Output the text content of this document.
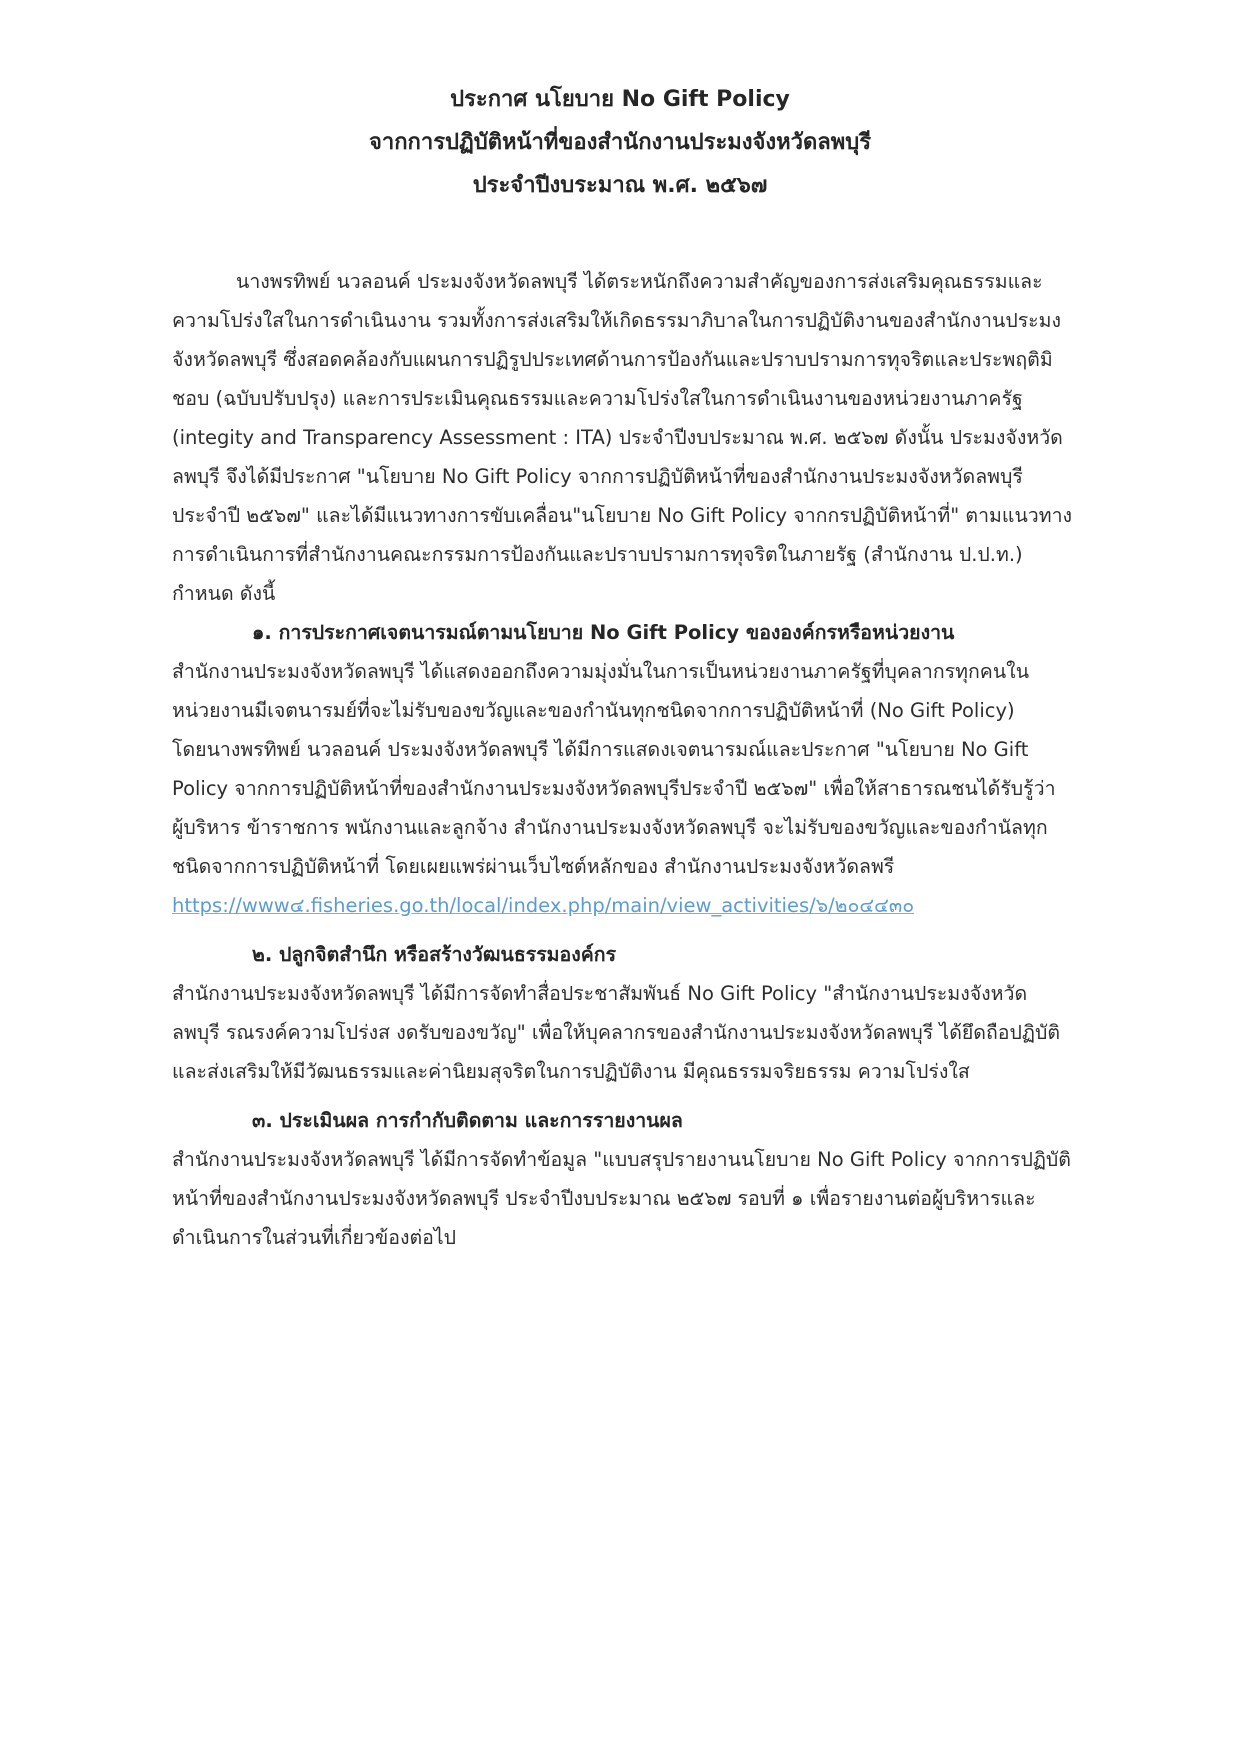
ประกาศ นโยบาย No Gift Policy
จากการปฏิบัติหน้าที่ของสำนักงานประมงจังหวัดลพบุรี
ประจำปีงบระมาณ พ.ศ. ๒๕๖๗
นางพรทิพย์ นวลอนค์ ประมงจังหวัดลพบุรี ได้ตระหนักถึงความสำคัญของการส่งเสริมคุณธรรมและ
ความโปร่งใสในการดำเนินงาน รวมทั้งการส่งเสริมให้เกิดธรรมาภิบาลในการปฏิบัติงานของสำนักงานประมง
จังหวัดลพบุรี ซึ่งสอดคล้องกับแผนการปฏิรูปประเทศด้านการป้องกันและปราบปรามการทุจริตและประพฤติมิ
ชอบ (ฉบับปรับปรุง) และการประเมินคุณธรรมและความโปร่งใสในการดำเนินงานของหน่วยงานภาครัฐ
(integity and Transparency Assessment : ITA) ประจำปีงบประมาณ พ.ศ. ๒๕๖๗ ดังนั้น ประมงจังหวัด
ลพบุรี จึงได้มีประกาศ "นโยบาย No Gift Policy จากการปฏิบัติหน้าที่ของสำนักงานประมงจังหวัดลพบุรี
ประจำปี ๒๕๖๗" และได้มีแนวทางการขับเคลื่อน"นโยบาย No Gift Policy จากกรปฏิบัติหน้าที่" ตามแนวทาง
การดำเนินการที่สำนักงานคณะกรรมการป้องกันและปราบปรามการทุจริตในภายรัฐ (สำนักงาน ป.ป.ท.)
กำหนด ดังนี้
๑. การประกาศเจตนารมณ์ตามนโยบาย No Gift Policy ขององค์กรหรือหน่วยงาน
สำนักงานประมงจังหวัดลพบุรี ได้แสดงออกถึงความมุ่งมั่นในการเป็นหน่วยงานภาครัฐที่บุคลากรทุกคนใน
หน่วยงานมีเจตนารมย์ที่จะไม่รับของขวัญและของกำนันทุกชนิดจากการปฏิบัติหน้าที่ (No Gift Policy)
โดยนางพรทิพย์ นวลอนค์ ประมงจังหวัดลพบุรี ได้มีการแสดงเจตนารมณ์และประกาศ "นโยบาย No Gift
Policy จากการปฏิบัติหน้าที่ของสำนักงานประมงจังหวัดลพบุรีประจำปี ๒๕๖๗" เพื่อให้สาธารณชนได้รับรู้ว่า
ผู้บริหาร ข้าราชการ พนักงานและลูกจ้าง สำนักงานประมงจังหวัดลพบุรี จะไม่รับของขวัญและของกำนัลทุก
ชนิดจากการปฏิบัติหน้าที่ โดยเผยแพร่ผ่านเว็บไซต์หลักของ สำนักงานประมงจังหวัดลพรี
https://www๔.fisheries.go.th/local/index.php/main/view_activities/๖/๒๐๔๔๓๐
๒. ปลูกจิตสำนึก หรือสร้างวัฒนธรรมองค์กร
สำนักงานประมงจังหวัดลพบุรี ได้มีการจัดทำสื่อประชาสัมพันธ์ No Gift Policy "สำนักงานประมงจังหวัด
ลพบุรี รณรงค์ความโปร่งส งดรับของขวัญ" เพื่อให้บุคลากรของสำนักงานประมงจังหวัดลพบุรี ได้ยึดถือปฏิบัติ
และส่งเสริมให้มีวัฒนธรรมและค่านิยมสุจริตในการปฏิบัติงาน มีคุณธรรมจริยธรรม ความโปร่งใส
๓. ประเมินผล การกำกับติดตาม และการรายงานผล
สำนักงานประมงจังหวัดลพบุรี ได้มีการจัดทำข้อมูล "แบบสรุปรายงานนโยบาย No Gift Policy จากการปฏิบัติ
หน้าที่ของสำนักงานประมงจังหวัดลพบุรี ประจำปีงบประมาณ ๒๕๖๗ รอบที่ ๑ เพื่อรายงานต่อผู้บริหารและ
ดำเนินการในส่วนที่เกี่ยวข้องต่อไป
